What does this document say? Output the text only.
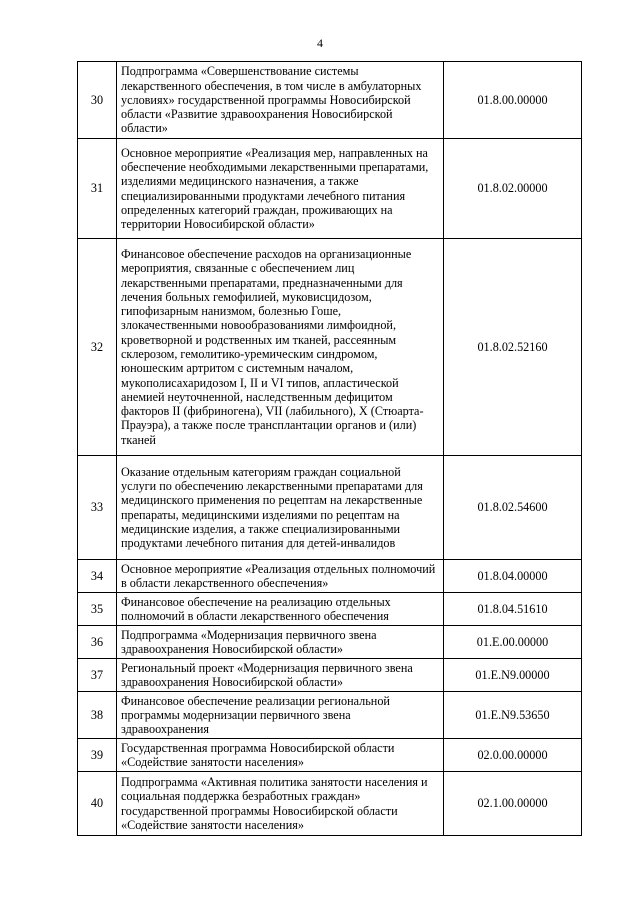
4
30	Подпрограмма «Совершенствование системы лекарственного обеспечения, в том числе в амбулаторных условиях» государственной программы Новосибирской области «Развитие здравоохранения Новосибирской области»	01.8.00.00000
31	Основное мероприятие «Реализация мер, направленных на обеспечение необходимыми лекарственными препаратами, изделиями медицинского назначения, а также специализированными продуктами лечебного питания определенных категорий граждан, проживающих на территории Новосибирской области»	01.8.02.00000
32	Финансовое обеспечение расходов на организационные мероприятия, связанные с обеспечением лиц лекарственными препаратами, предназначенными для лечения больных гемофилией, муковисцидозом, гипофизарным нанизмом, болезнью Гоше, злокачественными новообразованиями лимфоидной, кроветворной и родственных им тканей, рассеянным склерозом, гемолитико-уремическим синдромом, юношеским артритом с системным началом, мукополисахаридозом I, II и VI типов, апластической анемией неуточненной, наследственным дефицитом факторов II (фибриногена), VII (лабильного), X (Стюарта-Прауэра), а также после трансплантации органов и (или) тканей	01.8.02.52160
33	Оказание отдельным категориям граждан социальной услуги по обеспечению лекарственными препаратами для медицинского применения по рецептам на лекарственные препараты, медицинскими изделиями по рецептам на медицинские изделия, а также специализированными продуктами лечебного питания для детей-инвалидов	01.8.02.54600
34	Основное мероприятие «Реализация отдельных полномочий в области лекарственного обеспечения»	01.8.04.00000
35	Финансовое обеспечение на реализацию отдельных полномочий в области лекарственного обеспечения	01.8.04.51610
36	Подпрограмма «Модернизация первичного звена здравоохранения Новосибирской области»	01.Е.00.00000
37	Региональный проект «Модернизация первичного звена здравоохранения Новосибирской области»	01.Е.N9.00000
38	Финансовое обеспечение реализации региональной программы модернизации первичного звена здравоохранения	01.Е.N9.53650
39	Государственная программа Новосибирской области «Содействие занятости населения»	02.0.00.00000
40	Подпрограмма «Активная политика занятости населения и социальная поддержка безработных граждан» государственной программы Новосибирской области «Содействие занятости населения»	02.1.00.00000
